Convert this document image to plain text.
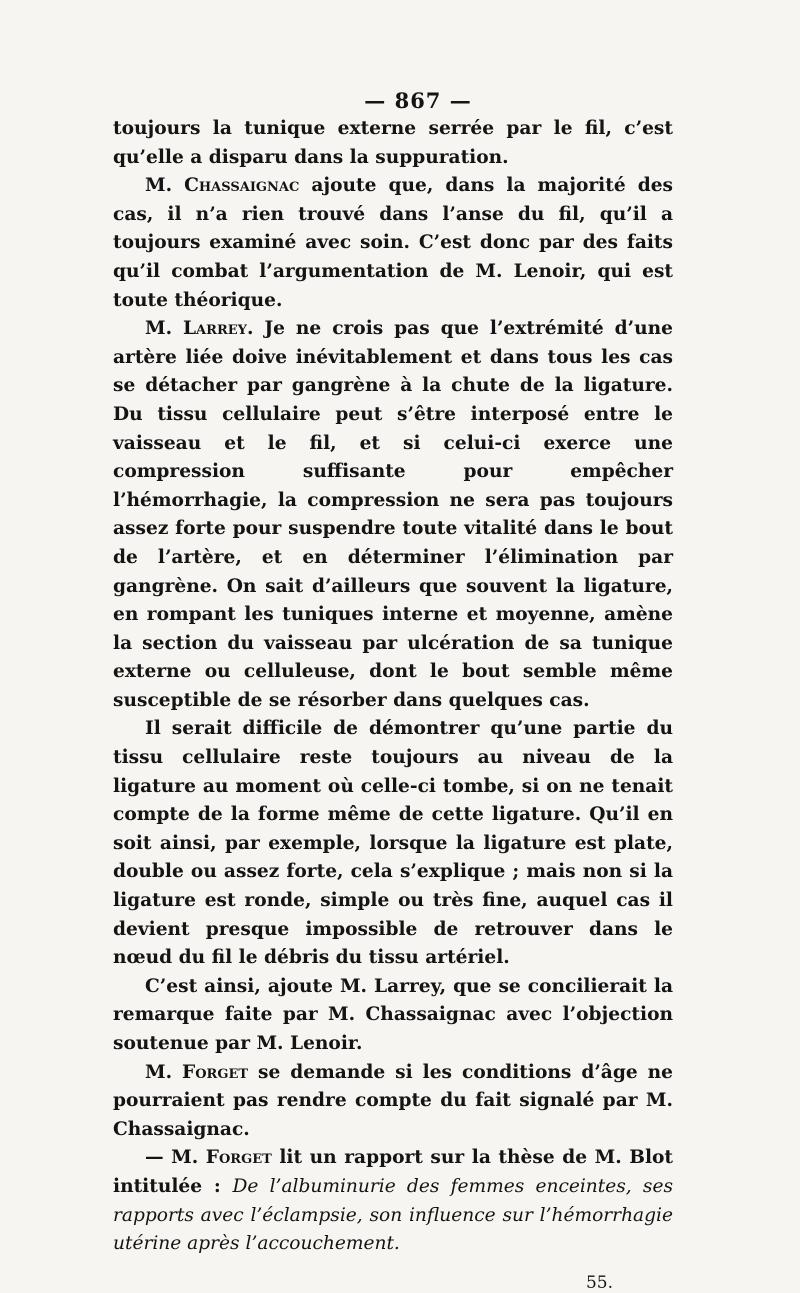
— 867 —

toujours la tunique externe serrée par le fil, c’est qu’elle a disparu dans la suppuration.

M. Chassaignac ajoute que, dans la majorité des cas, il n’a rien trouvé dans l’anse du fil, qu’il a toujours examiné avec soin. C’est donc par des faits qu’il combat l’argumentation de M. Lenoir, qui est toute théorique.

M. Larrey. Je ne crois pas que l’extrémité d’une artère liée doive inévitablement et dans tous les cas se détacher par gangrène à la chute de la ligature. Du tissu cellulaire peut s’être interposé entre le vaisseau et le fil, et si celui-ci exerce une compression suffisante pour empêcher l’hémorrhagie, la compression ne sera pas toujours assez forte pour suspendre toute vitalité dans le bout de l’artère, et en déterminer l’élimination par gangrène. On sait d’ailleurs que souvent la ligature, en rompant les tuniques interne et moyenne, amène la section du vaisseau par ulcération de sa tunique externe ou celluleuse, dont le bout semble même susceptible de se résorber dans quelques cas.

Il serait difficile de démontrer qu’une partie du tissu cellulaire reste toujours au niveau de la ligature au moment où celle-ci tombe, si on ne tenait compte de la forme même de cette ligature. Qu’il en soit ainsi, par exemple, lorsque la ligature est plate, double ou assez forte, cela s’explique ; mais non si la ligature est ronde, simple ou très fine, auquel cas il devient presque impossible de retrouver dans le nœud du fil le débris du tissu artériel.

C’est ainsi, ajoute M. Larrey, que se concilierait la remarque faite par M. Chassaignac avec l’objection soutenue par M. Lenoir.

M. Forget se demande si les conditions d’âge ne pourraient pas rendre compte du fait signalé par M. Chassaignac.

— M. Forget lit un rapport sur la thèse de M. Blot intitulée : De l’albuminurie des femmes enceintes, ses rapports avec l’éclampsie, son influence sur l’hémorrhagie utérine après l’accouchement.

55.
